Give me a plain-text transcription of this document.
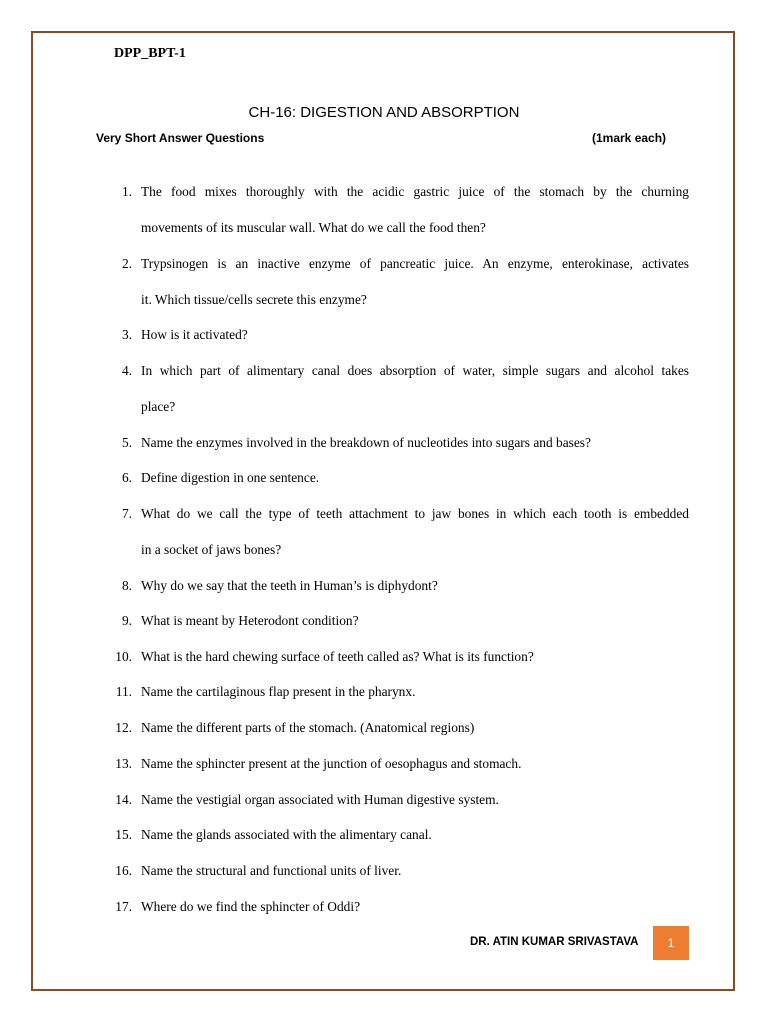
DPP_BPT-1
CH-16: DIGESTION AND ABSORPTION
Very Short Answer Questions	(1mark each)
1. The food mixes thoroughly with the acidic gastric juice of the stomach by the churning
movements of its muscular wall. What do we call the food then?
2. Trypsinogen is an inactive enzyme of pancreatic juice. An enzyme, enterokinase, activates
it. Which tissue/cells secrete this enzyme?
3. How is it activated?
4. In which part of alimentary canal does absorption of water, simple sugars and alcohol takes
place?
5. Name the enzymes involved in the breakdown of nucleotides into sugars and bases?
6. Define digestion in one sentence.
7. What do we call the type of teeth attachment to jaw bones in which each tooth is embedded
in a socket of jaws bones?
8. Why do we say that the teeth in Human’s is diphydont?
9. What is meant by Heterodont condition?
10. What is the hard chewing surface of teeth called as? What is its function?
11. Name the cartilaginous flap present in the pharynx.
12. Name the different parts of the stomach. (Anatomical regions)
13. Name the sphincter present at the junction of oesophagus and stomach.
14. Name the vestigial organ associated with Human digestive system.
15. Name the glands associated with the alimentary canal.
16. Name the structural and functional units of liver.
17. Where do we find the sphincter of Oddi?
DR. ATIN KUMAR SRIVASTAVA	1
